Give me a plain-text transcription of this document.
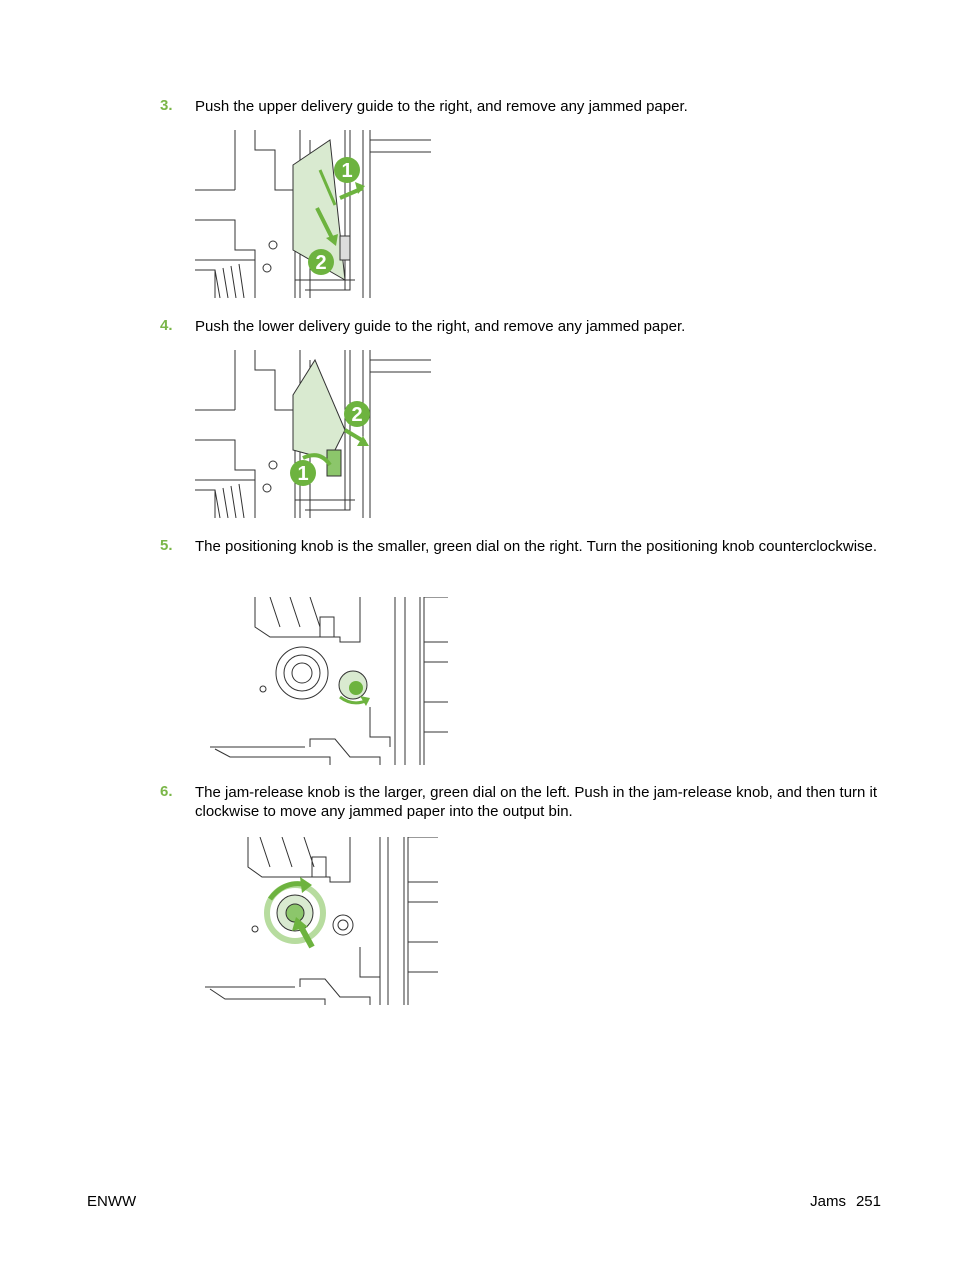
3. Push the upper delivery guide to the right, and remove any jammed paper.
1
2
4. Push the lower delivery guide to the right, and remove any jammed paper.
2
1
5. The positioning knob is the smaller, green dial on the right. Turn the positioning knob counterclockwise.
6. The jam-release knob is the larger, green dial on the left. Push in the jam-release knob, and then turn it clockwise to move any jammed paper into the output bin.
ENWW	Jams 251
